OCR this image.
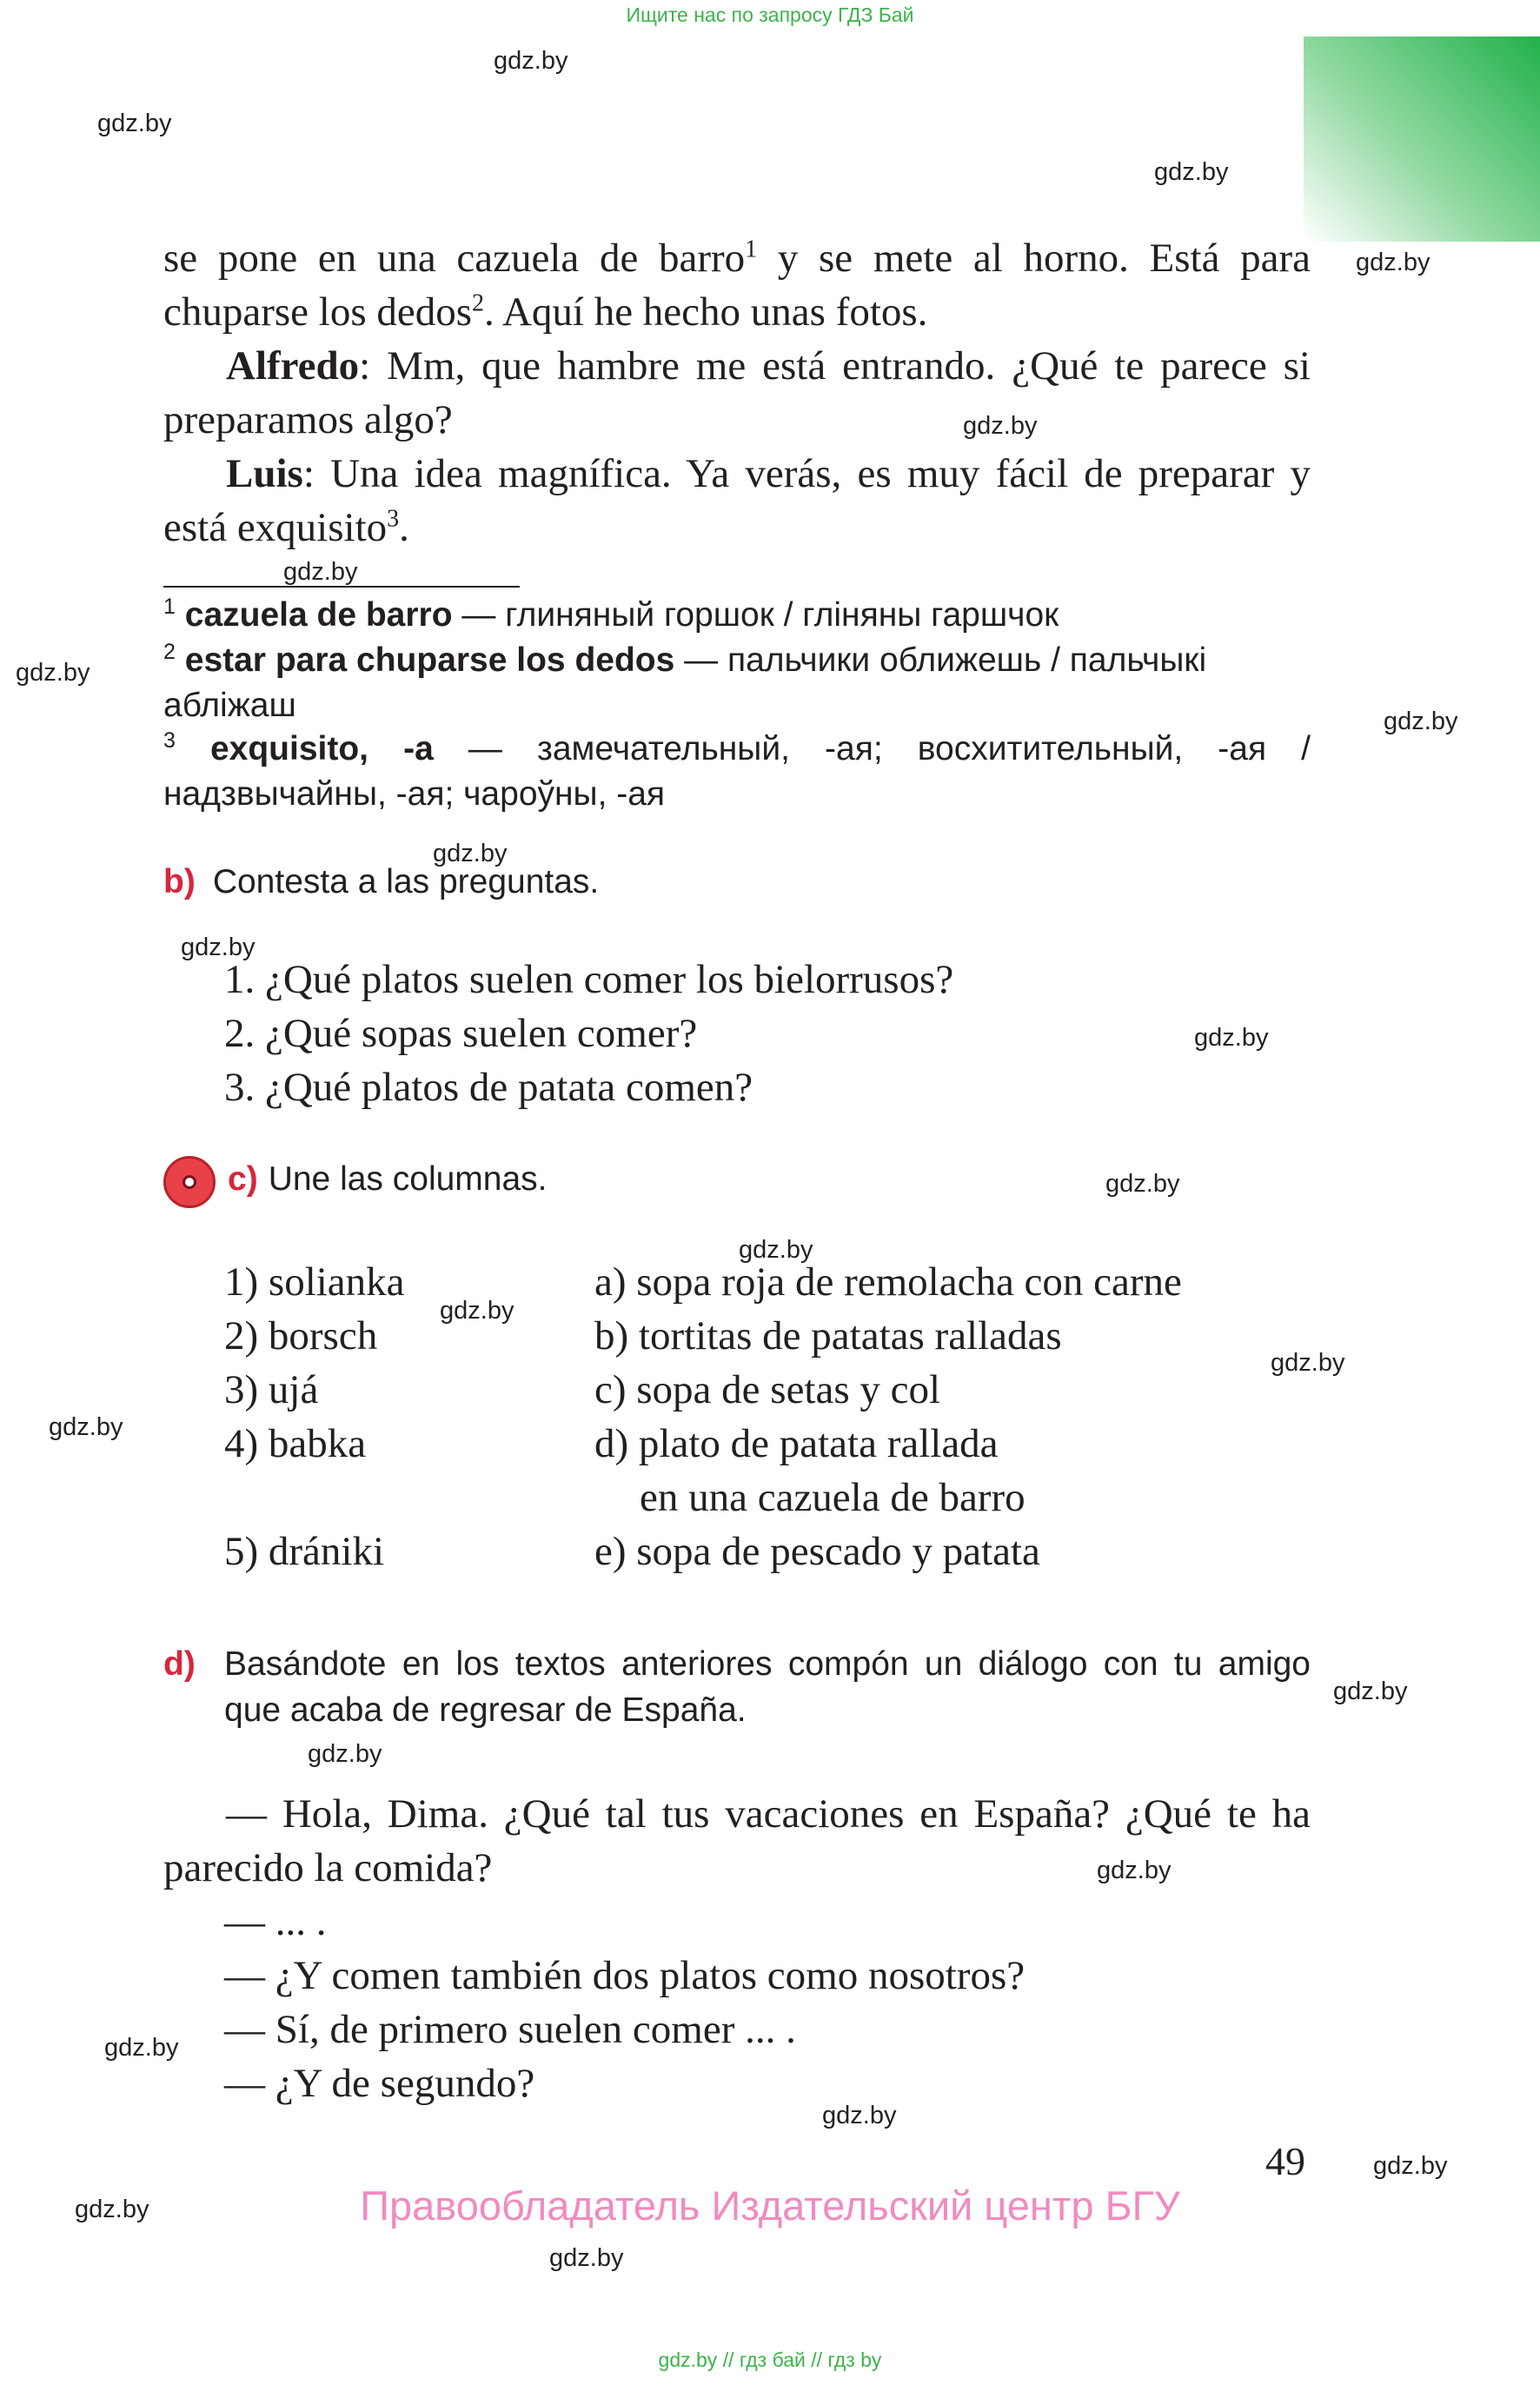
Ищите нас по запросу ГДЗ Бай
gdz.by
gdz.by
gdz.by
gdz.by
gdz.by
gdz.by
gdz.by
gdz.by
gdz.by
gdz.by
gdz.by
gdz.by
gdz.by
gdz.by
gdz.by
gdz.by
gdz.by
gdz.by
gdz.by
gdz.by
gdz.by
gdz.by
gdz.by
gdz.by
se pone en una cazuela de barro$^1$ y se mete al horno. Está para chuparse los dedos$^2$. Aquí he hecho unas fotos.
Alfredo: Mm, que hambre me está entrando. ¿Qué te parece si preparamos algo?
Luis: Una idea magnífica. Ya verás, es muy fácil de preparar y está exquisito$^3$.
$^1$ cazuela de barro — глиняный горшок / гліняны гаршчок
$^2$ estar para chuparse los dedos — пальчики оближешь / пальчыкі абліжаш
$^3$ exquisito, -a — замечательный, -ая; восхитительный, -ая / надзвычайны, -ая; чароўны, -ая
b) Contesta a las preguntas.
1. ¿Qué platos suelen comer los bielorrusos?
2. ¿Qué sopas suelen comer?
3. ¿Qué platos de patata comen?
c) Une las columnas.
1) solianka
2) borsch
3) ujá
4) babka
5) drániki
a) sopa roja de remolacha con carne
b) tortitas de patatas ralladas
c) sopa de setas y col
d) plato de patata rallada
en una cazuela de barro
e) sopa de pescado y patata
d) Basándote en los textos anteriores compón un diálogo con tu amigo que acaba de regresar de España.
— Hola, Dima. ¿Qué tal tus vacaciones en España? ¿Qué te ha parecido la comida?
— ... .
— ¿Y comen también dos platos como nosotros?
— Sí, de primero suelen comer ... .
— ¿Y de segundo?
49
Правообладатель Издательский центр БГУ
gdz.by // гдз бай // гдз by
